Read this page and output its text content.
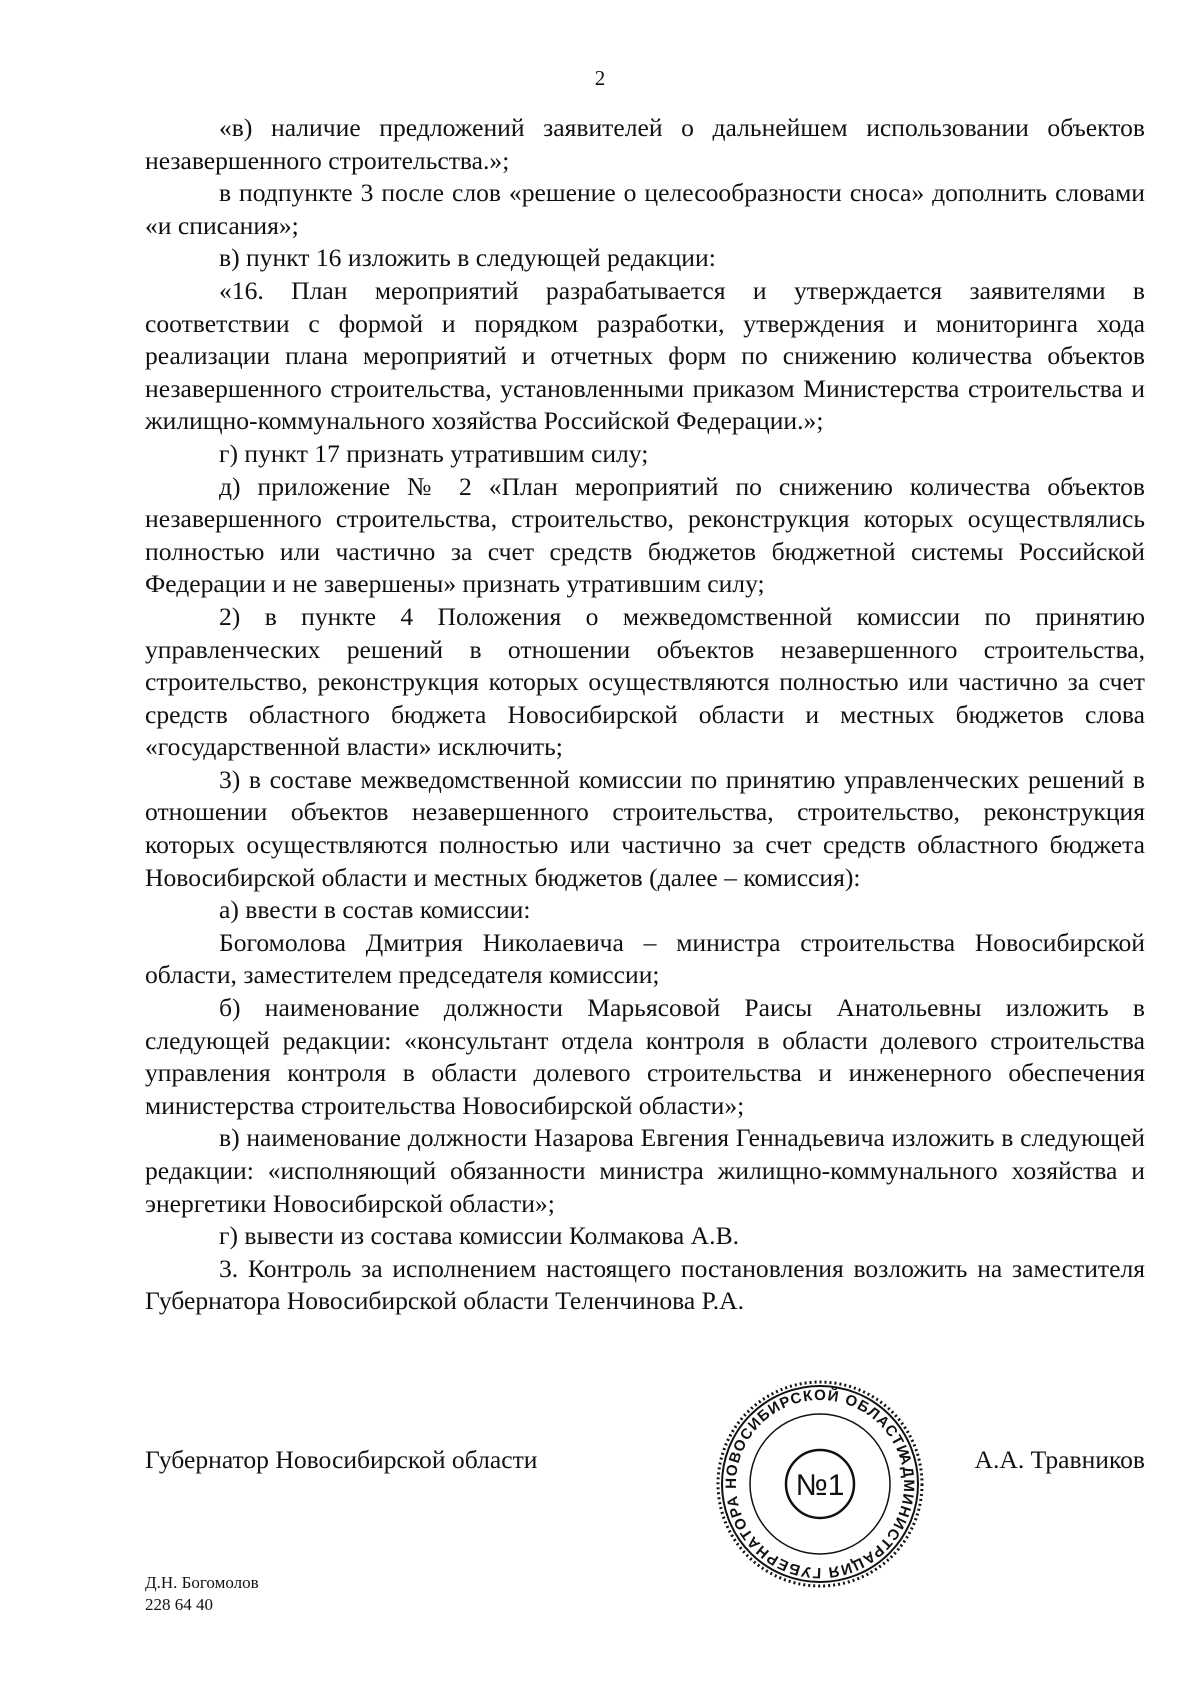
2

«в) наличие предложений заявителей о дальнейшем использовании объектов незавершенного строительства.»;

в подпункте 3 после слов «решение о целесообразности сноса» дополнить словами «и списания»;

в) пункт 16 изложить в следующей редакции:

«16. План мероприятий разрабатывается и утверждается заявителями в соответствии с формой и порядком разработки, утверждения и мониторинга хода реализации плана мероприятий и отчетных форм по снижению количества объектов незавершенного строительства, установленными приказом Министерства строительства и жилищно-коммунального хозяйства Российской Федерации.»;

г) пункт 17 признать утратившим силу;

д) приложение № 2 «План мероприятий по снижению количества объектов незавершенного строительства, строительство, реконструкция которых осуществлялись полностью или частично за счет средств бюджетов бюджетной системы Российской Федерации и не завершены» признать утратившим силу;

2) в пункте 4 Положения о межведомственной комиссии по принятию управленческих решений в отношении объектов незавершенного строительства, строительство, реконструкция которых осуществляются полностью или частично за счет средств областного бюджета Новосибирской области и местных бюджетов слова «государственной власти» исключить;

3) в составе межведомственной комиссии по принятию управленческих решений в отношении объектов незавершенного строительства, строительство, реконструкция которых осуществляются полностью или частично за счет средств областного бюджета Новосибирской области и местных бюджетов (далее – комиссия):

а) ввести в состав комиссии:

Богомолова Дмитрия Николаевича – министра строительства Новосибирской области, заместителем председателя комиссии;

б) наименование должности Марьясовой Раисы Анатольевны изложить в следующей редакции: «консультант отдела контроля в области долевого строительства управления контроля в области долевого строительства и инженерного обеспечения министерства строительства Новосибирской области»;

в) наименование должности Назарова Евгения Геннадьевича изложить в следующей редакции: «исполняющий обязанности министра жилищно-коммунального хозяйства и энергетики Новосибирской области»;

г) вывести из состава комиссии Колмакова А.В.

3. Контроль за исполнением настоящего постановления возложить на заместителя Губернатора Новосибирской области Теленчинова Р.А.

Губернатор Новосибирской области	А.А. Травников
АДМИНИСТРАЦИЯ ГУБЕРНАТОРА НОВОСИБИРСКОЙ ОБЛАСТИ
№1
Д.Н. Богомолов
228 64 40
